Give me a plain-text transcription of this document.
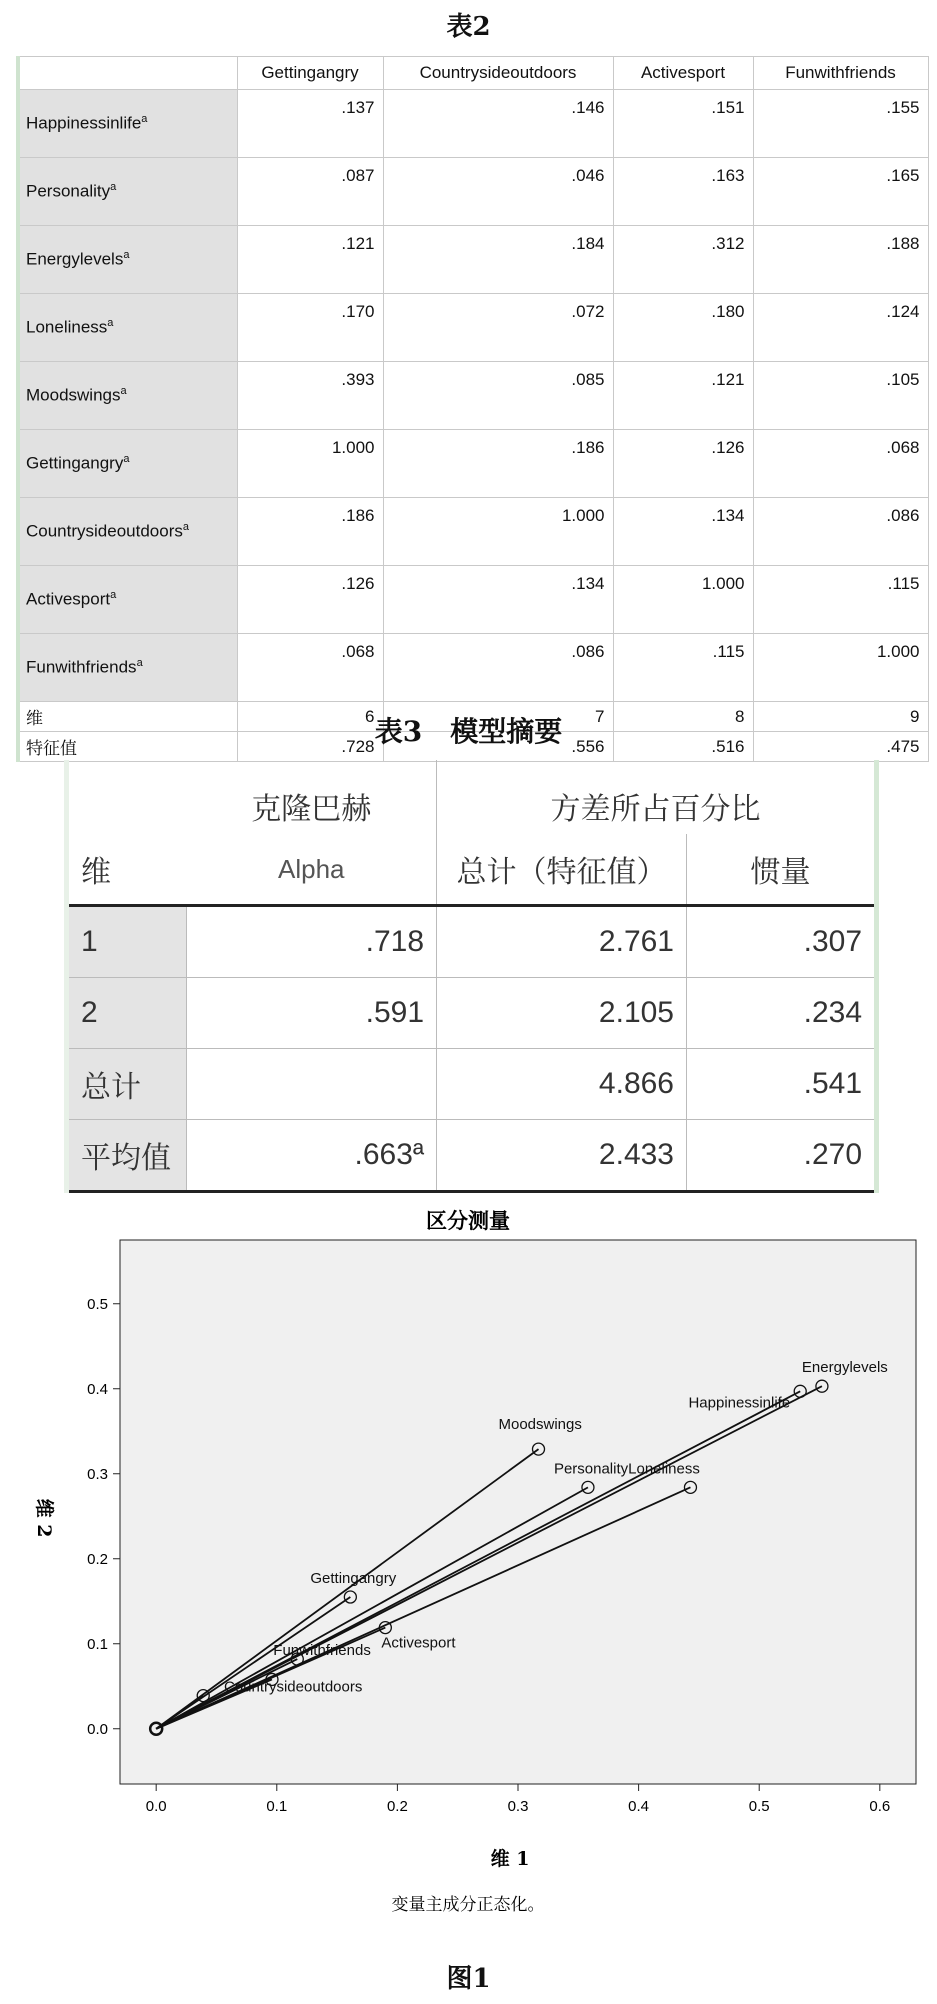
表2
	Gettingangry	Countrysideoutdoors	Activesport	Funwithfriends
Happinessinlife$^a$	.137	.146	.151	.155
Personality$^a$	.087	.046	.163	.165
Energylevels$^a$	.121	.184	.312	.188
Loneliness$^a$	.170	.072	.180	.124
Moodswings$^a$	.393	.085	.121	.105
Gettingangry$^a$	1.000	.186	.126	.068
Countrysideoutdoors$^a$	.186	1.000	.134	.086
Activesport$^a$	.126	.134	1.000	.115
Funwithfriends$^a$	.068	.086	.115	1.000
维	6	7	8	9
特征值	.728	.556	.516	.475
表3　模型摘要
	克隆巴赫	方差所占百分比	
维	Alpha	总计（特征值）	惯量
1	.718	2.761	.307
2	.591	2.105	.234
总计		4.866	.541
平均值	.663ª	2.433	.270
区分测量
0.0	0.1	0.2	0.3	0.4	0.5	0.6
0.0
0.1
0.2
0.3
0.4
0.5
Energylevels
Happinessinlife
Moodswings
PersonalityLoneliness
Gettingangry
Activesport
Funwithfriends
Countrysideoutdoors
维 1
维 2
变量主成分正态化。
图1
